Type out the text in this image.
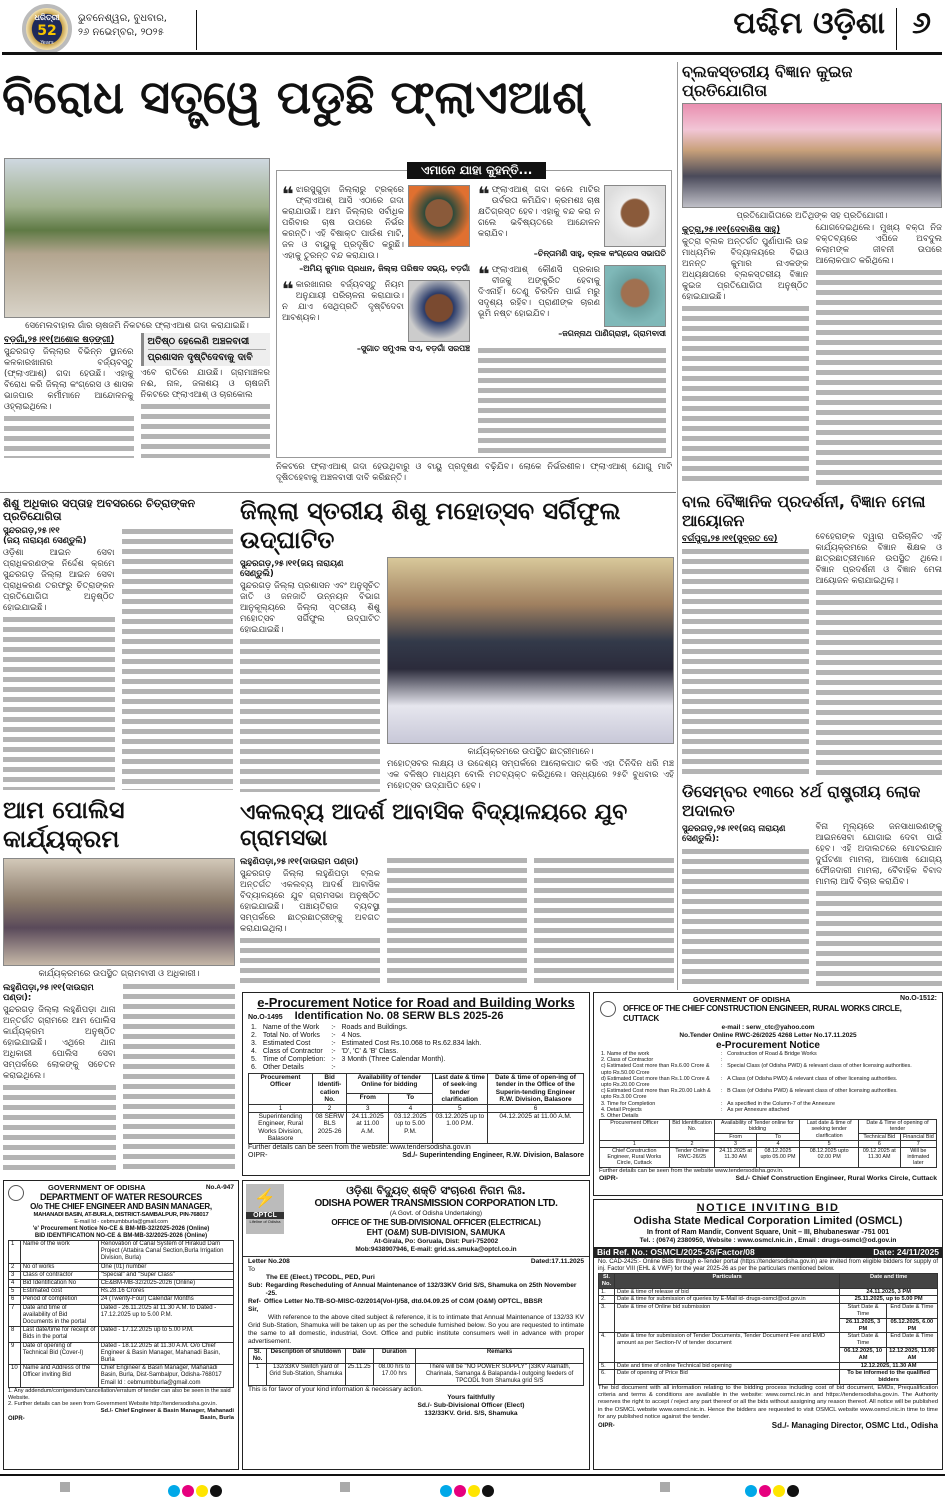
ଧରିତ୍ରୀ
52
Years
ଭୁବନେଶ୍ୱର, ବୁଧବାର,
୨୬ ନଭେମ୍ବର, ୨୦୨୫	ପଶ୍ଚିମ ଓଡ଼ିଶା ୬
ବିରୋଧ ସତ୍ତ୍ୱେ ପଡୁଛି ଫ୍ଲାଏଆଶ୍
ସେମେଲବାହାଲ ଗାଁର ଚାଷଜମି ନିକଟରେ ଫ୍ଲାଏଆଶ ଗଦା କରାଯାଇଛି।
ବଡ଼ଗାଁ,୨୫।୧୧(ଅଶୋକ ଷଡ଼ଙ୍ଗୀ)
ସୁନ୍ଦରଗଡ଼ ଜିଲ୍ଲାର ବିଭିନ୍ନ ସ୍ଥାନରେ କଳକାରଖାନାର ବର୍ଜ୍ୟବସ୍ତୁ (ଫ୍ଲାଏଆଶ୍) ଗଦା ହେଉଛି। ଏହାକୁ ବିରୋଧ କରି ଜିଲ୍ଲା କଂଗ୍ରେସ ଓ ଶାସକ ଭାଜପାର କର୍ମୀମାନେ ଆନ୍ଦୋଳନକୁ ଓହ୍ଲାଇଥିଲେ।
ଅତିଷ୍ଠ ହେଲେଣି ଅଞ୍ଚଳବାସୀ
ପ୍ରଶାସନ ଦୃଷ୍ଟିଦେବାକୁ ଦାବି
ଏବେ ରାତିରେ ଯାଉଛି। ଗ୍ରାମାଞ୍ଚଳର ନଈ, ନାଳ, ଜଳାଶୟ ଓ ଚାଷଜମି ନିକଟରେ ଫ୍ଲାଏଆଶ୍ ଓ ଚାରକୋଲ
ନିକଟରେ ଫ୍ଲାଏଆଶ୍ ଗଦା ହେଉଥିବାରୁ ଓ ବାୟୁ ପ୍ରଦୂଷଣ ବଢ଼ିଯିବ। ଲୋକେ ନିର୍ଭରଶୀଳ। ଫ୍ଲାଏଆଶ୍ ଯୋଗୁ ମାଟି ଦୂଷିତହେବାକୁ ଅଞ୍ଚଳବାସୀ ଦାବି କରିଛନ୍ତି।
ଏମାନେ ଯାହା କୁହନ୍ତି...
❝ ଝାରସୁଗୁଡ଼ା ଜିଲ୍ଲାରୁ ଟ୍ରକ୍‌ରେ ଫ୍ଲାଏଆଶ୍ ଆସି ଏଠାରେ ଗଦା କରାଯାଉଛି। ଆମ ଜିଲ୍ଲାର ସର୍ବାଧିକ ପରିବାର ଚାଷ ଉପରେ ନିର୍ଭର କରନ୍ତି। ଏହି ବିଷାକ୍ତ ପାଉଁଶ ମାଟି, ଜଳ ଓ ବାୟୁକୁ ପ୍ରଦୂଷିତ କରୁଛି। ଏହାକୁ ତୁରନ୍ତ ବନ୍ଦ କରାଯାଉ।
–ଅମିୟ କୁମାର ପ୍ରଧାନ, ଜିଲ୍ଲା ପରିଷଦ ସଭ୍ୟ, ବଡ଼ଗାଁ
❝ କାରଖାନାର ବର୍ଜ୍ୟବସ୍ତୁ ନିୟମ ଅନୁଯାୟୀ ପରିଚାଳନା କରାଯାଉ। ନ ଯାଏ ସେଥିପ୍ରତି ଦୃଷ୍ଟିଦେବା ଆବଶ୍ୟକ।
–ସୁଗାତ ସମୁଏଲ ସଏ, ବଡ଼ଗାଁ ସରପଞ୍ଚ
❝ ଫ୍ଲାଏଆଶ୍ ଗଦା କଲେ ମାଟିର ଉର୍ବରତା କମିଯିବ। କ୍ରମଶଃ ଚାଷ କ୍ଷତିଗ୍ରସ୍ତ ହେବ। ଏହାକୁ ବନ୍ଦ କରା ନ ଗଲେ ଭବିଷ୍ୟତରେ ଆନ୍ଦୋଳନ କରାଯିବ।
–ଚିନ୍ତାମଣି ସାହୁ, ବ୍ଲକ କଂଗ୍ରେସ ସଭାପତି
❝ ଫ୍ଲାଏଆଶ୍ କୌଣସି ପ୍ରକାର ବୀଜକୁ ଅଙ୍କୁରିତ ହେବାକୁ ଦିଏନାହିଁ। ତେଣୁ ଚିରଦିନ ପାଇଁ ମରୁ ସଦୃଶ୍ୟ ରହିବ। ପ୍ରାଣୀଙ୍କ ଚାରଣ ଭୂମି ନଷ୍ଟ ହୋଇଯିବ।
–ଜଗନ୍ନାଥ ପାଣିଗ୍ରାହୀ, ଗ୍ରାମବାସୀ
ବ୍ଲକସ୍ତରୀୟ ବିଜ୍ଞାନ କୁଇଜ ପ୍ରତିଯୋଗିତା
ପ୍ରତିଯୋଗିତାରେ ଅତିଥିଙ୍କ ସହ ପ୍ରତିଯୋଗୀ।
କୁତ୍ରା,୨୫।୧୧(ଦେବାଶିଷ ସାହୁ)
କୁତ୍ରା ବ୍ଲକ ଅନ୍ତର୍ଗତ ପୁର୍ଣାପାଲି ଉଚ୍ଚ ମାଧ୍ୟମିକ ବିଦ୍ୟାଳୟରେ ବିଇଓ ଅନନ୍ତ କୁମାର ନାଏକଙ୍କ ଅଧ୍ୟକ୍ଷତାରେ ବ୍ଲକସ୍ତରୀୟ ବିଜ୍ଞାନ କୁଇଜ ପ୍ରତିଯୋଗିତା ଅନୁଷ୍ଠିତ ହୋଇଯାଇଛି।
ଯୋଗଦେଇଥିଲେ। ମୁଖ୍ୟ ବକ୍ତା ନିଜ ବକ୍ତବ୍ୟରେ ଏପିଜେ ଅବଦୁଲ କଲାମଙ୍କ ଜୀବନୀ ଉପରେ ଆଲୋକପାତ କରିଥିଲେ।
ଶିଶୁ ଅଧିକାର ସପ୍ତାହ ଅବସରରେ ଚିତ୍ରାଙ୍କନ ପ୍ରତିଯୋଗିତା
ସୁନ୍ଦରଗଡ଼,୨୫।୧୧
(ଜୟ ନାରାୟଣ ସେଣ୍ଡୁଲି)
ଓଡ଼ିଶା ଆଇନ ସେବା ପ୍ରାଧିକରଣଙ୍କ ନିର୍ଦ୍ଦେଶ କ୍ରମେ ସୁନ୍ଦରଗଡ଼ ଜିଲ୍ଲା ଆଇନ ସେବା ପ୍ରାଧିକରଣ ତରଫରୁ ଚିତ୍ରାଙ୍କନ ପ୍ରତିଯୋଗିତା ଅନୁଷ୍ଠିତ ହୋଇଯାଇଛି।
ଜିଲ୍ଲା ସ୍ତରୀୟ ଶିଶୁ ମହୋତ୍ସବ ସର୍ଗିଫୁଲ ଉଦ୍‌ଘାଟିତ
ସୁନ୍ଦରଗଡ଼,୨୫।୧୧(ଜୟ ନାରାୟଣ ସେଣ୍ଡୁଲି)
ସୁନ୍ଦରଗଡ଼ ଜିଲ୍ଲା ପ୍ରଶାସନ ଏବଂ ଅନୁସୂଚିତ ଜାତି ଓ ଜନଜାତି ଉନ୍ନୟନ ବିଭାଗ ଆନୁକୂଲ୍ୟରେ ଜିଲ୍ଲା ସ୍ତରୀୟ ଶିଶୁ ମହୋତ୍ସବ ସର୍ଗିଫୁଲ ଉଦ୍‌ଘାଟିତ ହୋଇଯାଇଛି।
କାର୍ଯ୍ୟକ୍ରମରେ ଉପସ୍ଥିତ ଛାତ୍ରୀମାନେ।
ମହୋତ୍ସବର ଲକ୍ଷ୍ୟ ଓ ଉଦ୍ଦେଶ୍ୟ ସମ୍ପର୍କରେ ଆଲୋକପାତ କରି ଏହା ତିନିଦିନ ଧରି ମଞ୍ଚ ଏକ ବଳିଷ୍ଠ ମାଧ୍ୟମ ବୋଲି ମତବ୍ୟକ୍ତ କରିଥିଲେ। ସନ୍ଧ୍ୟାରେ ୨୫ଟି ବୁଧବାର ଏହି ମହୋତ୍ସବ ଉଦ୍‌ଯାପିତ ହେବ।
ବାଲ ବୈଜ୍ଞାନିକ ପ୍ରଦର୍ଶନୀ, ବିଜ୍ଞାନ ମେଳା ଆୟୋଜନ
ବର୍ଗପୁରା,୨୫।୧୧(ସୁବ୍ରତ ଦେ)	ବେହେରାଙ୍କ ଦ୍ୱାରା ପରିଚାଳିତ ଏହି କାର୍ଯ୍ୟକ୍ରମରେ ବିଜ୍ଞାନ ଶିକ୍ଷକ ଓ ଛାତ୍ରଛାତ୍ରୀମାନେ ଉପସ୍ଥିତ ଥିଲେ। ବିଜ୍ଞାନ ପ୍ରଦର୍ଶନୀ ଓ ବିଜ୍ଞାନ ମେଳା ଆୟୋଜନ କରାଯାଇଥିଲା।
ଡିସେମ୍ବର ୧୩ରେ ୪ର୍ଥ ରାଷ୍ଟ୍ରୀୟ ଲୋକ ଅଦାଲତ
ସୁନ୍ଦରଗଡ଼,୨୫।୧୧(ଜୟ ନାରାୟଣ ସେଣ୍ଡୁଲି):
ବିନା ମୂଲ୍ୟରେ ଜନସାଧାରଣଙ୍କୁ ଆଇନସେବା ଯୋଗାଇ ଦେବା ପାଇଁ ହେବ। ଏହି ଅଦାଲତରେ ମୋଟରଯାନ ଦୁର୍ଘଟଣା ମାମଲା, ଆପୋଷ ଯୋଗ୍ୟ ଫୌଜଦାରୀ ମାମଲା, ବୈବାହିକ ବିବାଦ ମାମଲା ଆଦି ବିଚାର କରାଯିବ।
ଆମ ପୋଲିସ କାର୍ଯ୍ୟକ୍ରମ
କାର୍ଯ୍ୟକ୍ରମରେ ଉପସ୍ଥିତ ଗ୍ରାମବାସୀ ଓ ଅଧିକାରୀ।
ଲହୁଣିପଡ଼ା,୨୫।୧୧(ଦାଉରାମ ପଣ୍ଡା):
ସୁନ୍ଦରଗଡ଼ ଜିଲ୍ଲା ଲହୁଣିପଡ଼ା ଥାନା ଅନ୍ତର୍ଗତ ଗ୍ରାମରେ ଆମ ପୋଲିସ କାର୍ଯ୍ୟକ୍ରମ ଅନୁଷ୍ଠିତ ହୋଇଯାଇଛି। ଏଥିରେ ଥାନା ଅଧିକାରୀ ପୋଲିସ ସେବା ସମ୍ପର୍କରେ ଲୋକଙ୍କୁ ସଚେତନ କରାଇଥିଲେ।
ଏକଲବ୍ୟ ଆଦର୍ଶ ଆବାସିକ ବିଦ୍ୟାଳୟରେ ଯୁବ ଗ୍ରାମସଭା
ଲହୁଣିପଡ଼ା,୨୫।୧୧(ଦାଉରାମ ପଣ୍ଡା)
ସୁନ୍ଦରଗଡ଼ ଜିଲ୍ଲା ଲହୁଣିପଡ଼ା ବ୍ଲକ ଅନ୍ତର୍ଗତ ଏକଲବ୍ୟ ଆଦର୍ଶ ଆବାସିକ ବିଦ୍ୟାଳୟରେ ଯୁବ ଗ୍ରାମସଭା ଅନୁଷ୍ଠିତ ହୋଇଯାଇଛି। ପଞ୍ଚାୟତିରାଜ ବ୍ୟବସ୍ଥା ସମ୍ପର୍କରେ ଛାତ୍ରଛାତ୍ରୀଙ୍କୁ ଅବଗତ କରାଯାଇଥିଲା।
e-Procurement Notice for Road and Building Works
No.O-1495 Identification No. 08 SERW BLS 2025-26
1.	Name of the Work	:-	Roads and Buildings.
2.	Total No. of Works	:-	4 Nos.
3.	Estimated Cost	:-	Estimated Cost Rs.10.068 to Rs.62.834 lakh.
4.	Class of Contractor	:-	'D', 'C' & 'B' Class.
5.	Time of Completion:	:-	3 Month (Three Calendar Month).
6.	Other Details	:-	
Procurement Officer	Bid Identifi-cation No.	Availability of tender Online for bidding		Last date & time of seek-ing tender clarification	Date & time of open-ing of tender in the Office of the Superin-tending Engineer R.W. Division, Balasore
		From	To		
1	2	3	4	5	6
Superintending Engineer, Rural Works Division, Balasore	08 SERW BLS 2025-26	24.11.2025 at 11.00 A.M.	03.12.2025 up to 5.00 P.M.	03.12.2025 up to 1.00 P.M.	04.12.2025 at 11.00 A.M.
Further details can be seen from the website: www.tendersodisha.gov.in
OIPR-	Sd./- Superintending Engineer, R.W. Division, Balasore
GOVERNMENT OF ODISHA	No.O-1512:
OFFICE OF THE CHIEF CONSTRUCTION ENGINEER, RURAL WORKS CIRCLE, CUTTACK
e-mail : serw_ctc@yahoo.com
No.Tender Online RWC-26/2025 4268 Letter No.17.11.2025
e-Procurement Notice
1. Name of the work	:	Construction of Road & Bridge Works
2. Class of Contractor	:	
c) Estimated Cost more than Rs.6.00 Crore & upto Rs.50.00 Crore	:	Special Class (of Odisha PWD) & relevant class of other licensing authorities.
d) Estimated Cost more than Rs.1.00 Crore & upto Rs.20.00 Crore	:	A Class (of Odisha PWD) & relevant class of other licensing authorities.
c) Estimated Cost more than Rs.20.00 Lakh & upto Rs.3.00 Crore	:	B Class (of Odisha PWD) & relevant class of other licensing authorities.
3. Time for Completion	:	As specified in the Column-7 of the Annexure
4. Detail Projects	:	As per Annexure attached
5. Other Details		
Procurement Officer	Bid Identification No.	Availability of Tender online for bidding		Last date & time of seeking tender clarification	Date & Time of opening of tender	
		From	To		Technical Bid	Financial Bid
1	2	3	4	5	6	7
Chief Construction Engineer, Rural Works Circle, Cuttack	Tender Online RWC-26/25	24.11.2025 at 11.30 AM	08.12.2025 upto 05.00 PM	08.12.2025 upto 02.00 PM	09.12.2025 at 11.30 AM	Will be intimated later
Further details can be seen from the website www.tendersodisha.gov.in.
OIPR-	Sd./- Chief Construction Engineer, Rural Works Circle, Cuttack
GOVERNMENT OF ODISHA	No.A-947
DEPARTMENT OF WATER RESOURCES
O/o THE CHIEF ENGINEER AND BASIN MANAGER,
MAHANADI BASIN, AT-BURLA, DISTRICT-SAMBALPUR, PIN-768017
E-mail Id - cebmumbburla@gmail.com
'e' Procurement Notice No-CE & BM-MB-32/2025-2026 (Online)
BID IDENTIFICATION NO-CE & BM-MB-32/2025-2026 (Online)
1	Name of the work	Renovation of Canal System of Hirakud Dam Project (Attabira Canal Section,Burla Irrigation Division, Burla)
2	No of works	One (01) number
3	Class of contractor	"Special" and "Super Class"
4	Bid Identification No	CE&BM-MB-32/2025-2026 (Online)
5	Estimated cost	Rs.28.16 Crores
6	Period of completion	24 (Twenty-Four) Calendar Months
7	Date and time of availability of Bid Documents in the portal	Dated - 26.11.2025 at 11.30 A.M. to Dated - 17.12.2025 up to 5.00 P.M.
8	Last date/time for receipt of Bids in the portal	Dated - 17.12.2025 up to 5.00 P.M.
9	Date of opening of Technical Bid (Cover-I)	Dated - 18.12.2025 at 11.30 A.M. O/o Chief Engineer & Basin Manager, Mahanadi Basin, Burla
10	Name and Address of the Officer inviting Bid	Chief Engineer & Basin Manager, Mahanadi Basin, Burla, Dist-Sambalpur, Odisha-768017 Email Id : cebmumbburla@gmail.com
1. Any addendum/corrigendum/cancellation/erratum of tender can also be seen in the said Website.
2. Further details can be seen from Government Website http://tendersodisha.gov.in.
OIPR-
Sd./- Chief Engineer & Basin Manager, Mahanadi Basin, Burla
⚡
OPTCL
Lifeline of Odisha
ଓଡ଼ିଶା ବିଦ୍ୟୁତ୍ ଶକ୍ତି ସଂଚାରଣ ନିଗମ ଲିଃ.
ODISHA POWER TRANSMISSION CORPORATION LTD.
(A Govt. of Odisha Undertaking)
OFFICE OF THE SUB-DIVISIONAL OFFICER (ELECTRICAL)
EHT (O&M) SUB-DIVISION, SAMUKA
At-Girala, Po: Goruala, Dist: Puri-752002
Mob:9438907946, E-mail: grid.ss.smuka@optcl.co.in
Letter No.208	Dated:17.11.2025
To
The EE (Elect.) TPCODL, PED, Puri
Sub: Regarding Rescheduling of Annual Maintenance of 132/33KV Grid S/S, Shamuka on 25th November -25.
Ref- Office Letter No.TB-SO-MISC-02/2014(Vol-I)/58, dtd.04.09.25 of CGM (O&M) OPTCL, BBSR
Sir,
With reference to the above cited subject & reference, it is to intimate that Annual Maintenance of 132/33 KV Grid Sub-Station, Shamuka will be taken up as per the schedule furnished below. So you are requested to intimate the same to all domestic, industrial, Govt. Office and public institute consumers well in advance with proper advertisement.
Sl. No.	Description of shutdown	Date	Duration	Remarks
1	132/33KV Switch yard of Grid Sub-Station, Shamuka	25.11.25	08.00 hrs to 17.00 hrs	There will be "NO POWER SUPPLY" (33KV Alamath, Charinala, Samanga & Balapanda-I outgoing feeders of TPCODL from Shamuka grid S/S
This is for favor of your kind information & necessary action.
Yours faithfully
Sd./- Sub-Divisional Officer (Elect)
132/33KV. Grid. S/S, Shamuka
NOTICE INVITING BID
Odisha State Medical Corporation Limited (OSMCL)
In front of Ram Mandir, Convent Square, Unit – III, Bhubaneswar -751 001
Tel. : (0674) 2380950, Website : www.osmcl.nic.in , Email : drugs-osmcl@od.gov.in
Bid Ref. No.: OSMCL/2025-26/Factor/08	Date: 24/11/2025
No. CAD-2425:- Online Bids through e-Tender portal (https://tendersodisha.gov.in) are invited from eligible bidders for supply of inj. Factor VIII (EHL & VWF) for the year 2025-26 as per the particulars mentioned below.
Sl. No.	Particulars	Date and time	
1.	Date & time of release of bid	24.11.2025, 3 PM	
2.	Date & time for submission of queries by E-Mail id- drugs-osmcl@od.gov.in	25.11.2025, up to 5.00 PM	
3.	Date & time of Online bid submission	Start Date & Time	End Date & Time
		26.11.2025, 3 PM	05.12.2025, 6.00 PM
4.	Date & time for submission of Tender Documents, Tender Document Fee and EMD amount as per Section-IV of tender document	Start Date & Time	End Date & Time
		06.12.2025, 10 AM	12.12.2025, 11.00 AM
5.	Date and time of online Technical bid opening	12.12.2025, 11.30 AM	
6.	Date of opening of Price Bid	To be informed to the qualified bidders	
The bid document with all information relating to the bidding process including cost of bid document, EMDs, Prequalification criteria and terms & conditions are available in the website: www.osmcl.nic.in and https://tendersodisha.gov.in. The Authority reserves the right to accept / reject any part thereof or all the bids without assigning any reason thereof. All notice will be published in the OSMCL website www.osmcl.nic.in. Hence the bidders are requested to visit OSMCL website www.osmcl.nic.in time to time for any published notice against the tender.
OIPR-	Sd./- Managing Director, OSMC Ltd., Odisha
